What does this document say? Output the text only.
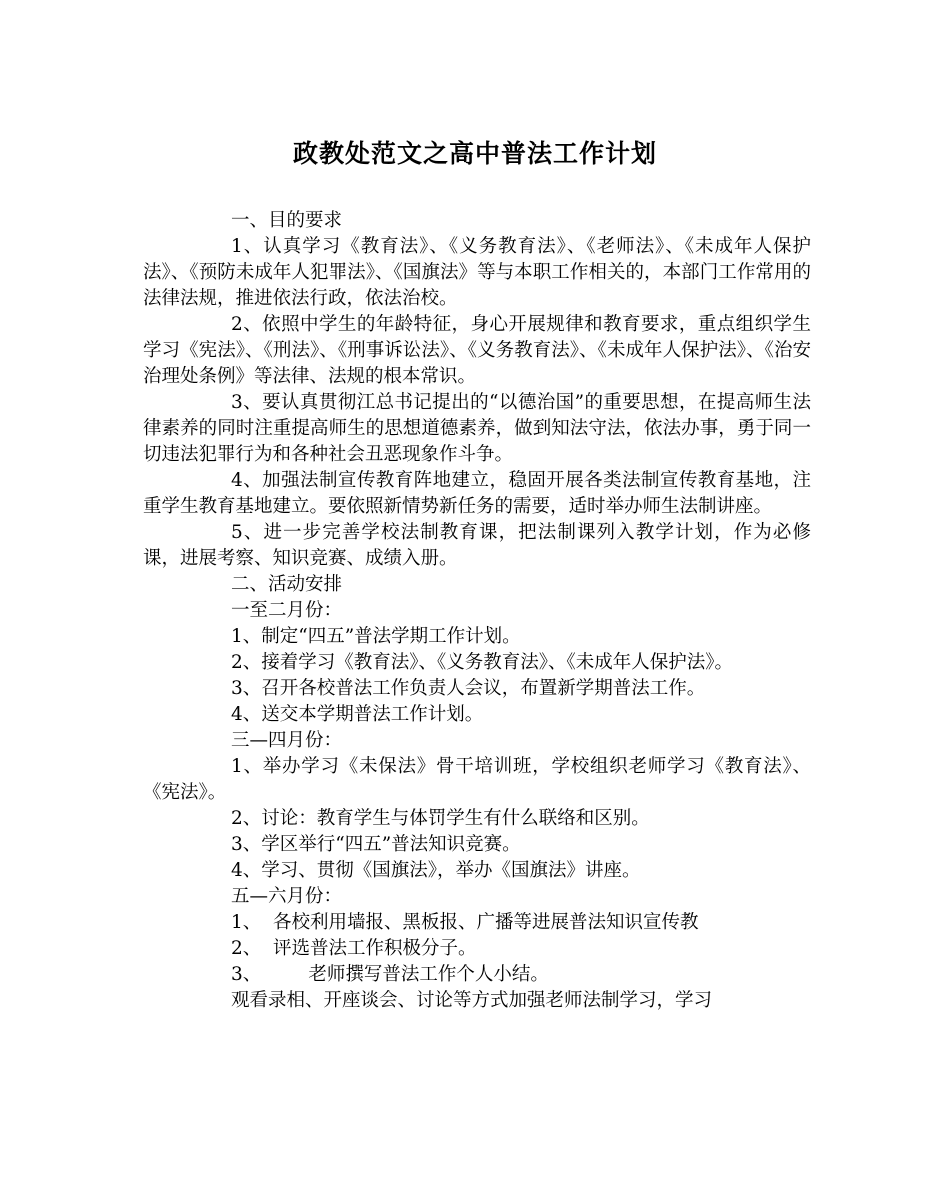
政教处范文之高中普法工作计划

一、目的要求

1、认真学习《教育法》、《义务教育法》、《老师法》、《未成年人保护法》、《预防未成年人犯罪法》、《国旗法》等与本职工作相关的，本部门工作常用的法律法规，推进依法行政，依法治校。

2、依照中学生的年龄特征，身心开展规律和教育要求，重点组织学生学习《宪法》、《刑法》、《刑事诉讼法》、《义务教育法》、《未成年人保护法》、《治安治理处条例》等法律、法规的根本常识。

3、要认真贯彻江总书记提出的“以德治国”的重要思想，在提高师生法律素养的同时注重提高师生的思想道德素养，做到知法守法，依法办事，勇于同一切违法犯罪行为和各种社会丑恶现象作斗争。

4、加强法制宣传教育阵地建立，稳固开展各类法制宣传教育基地，注重学生教育基地建立。要依照新情势新任务的需要，适时举办师生法制讲座。

5、进一步完善学校法制教育课，把法制课列入教学计划，作为必修课，进展考察、知识竞赛、成绩入册。

二、活动安排

一至二月份：

1、制定“四五”普法学期工作计划。

2、接着学习《教育法》、《义务教育法》、《未成年人保护法》。

3、召开各校普法工作负责人会议，布置新学期普法工作。

4、送交本学期普法工作计划。

三—四月份：

1、举办学习《未保法》骨干培训班，学校组织老师学习《教育法》、《宪法》。

2、讨论：教育学生与体罚学生有什么联络和区别。

3、学区举行“四五”普法知识竞赛。

4、学习、贯彻《国旗法》，举办《国旗法》讲座。

五—六月份：

1、  各校利用墙报、黑板报、广播等进展普法知识宣传教

2、  评选普法工作积极分子。

3、        老师撰写普法工作个人小结。

观看录相、开座谈会、讨论等方式加强老师法制学习，学习
